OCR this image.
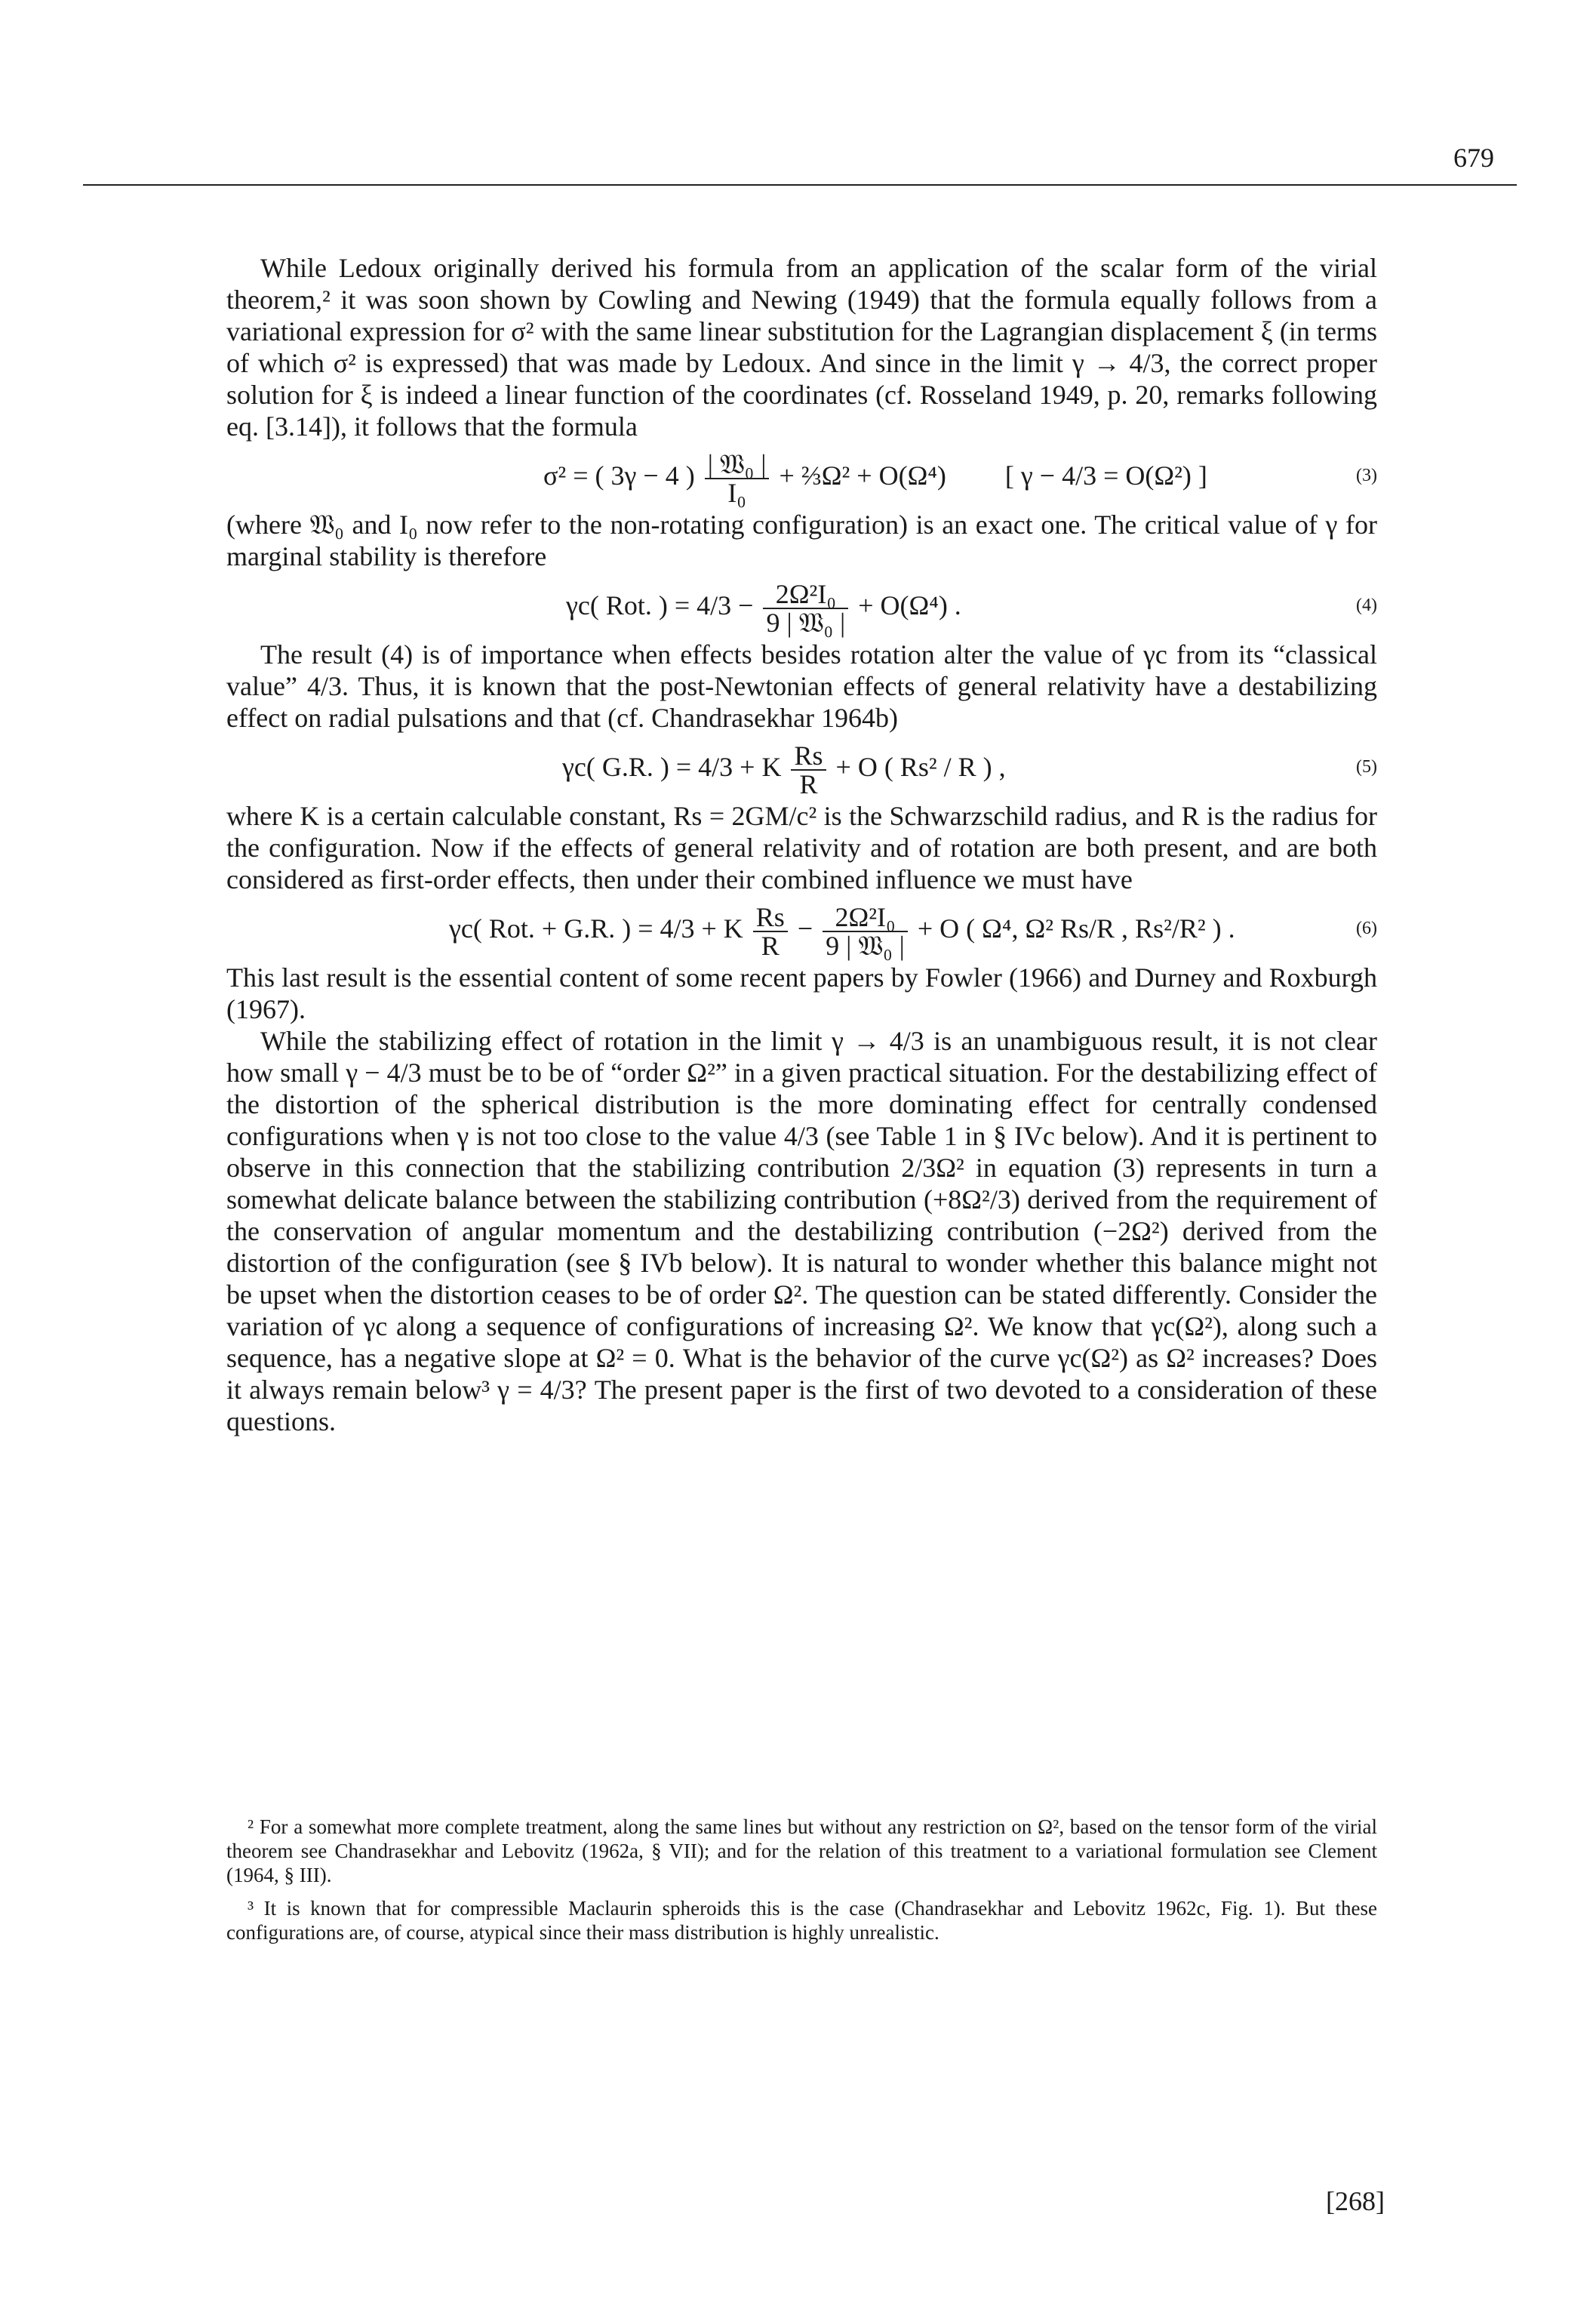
679

While Ledoux originally derived his formula from an application of the scalar form of the virial theorem,² it was soon shown by Cowling and Newing (1949) that the formula equally follows from a variational expression for σ² with the same linear substitution for the Lagrangian displacement ξ (in terms of which σ² is expressed) that was made by Ledoux. And since in the limit γ → 4/3, the correct proper solution for ξ is indeed a linear function of the coordinates (cf. Rosseland 1949, p. 20, remarks following eq. [3.14]), it follows that the formula

σ² = ( 3γ − 4 ) $\frac{\text{| 𝔚₀ |}}{\text{I₀}}$ + ⅔Ω² + O(Ω⁴) [ γ − 4/3 = O(Ω²) ]	(3)

(where 𝔚₀ and I₀ now refer to the non-rotating configuration) is an exact one. The critical value of γ for marginal stability is therefore

γc( Rot. ) = $4/3 - \frac{\text{2Ω²I₀}}{\text{9 | 𝔚₀ |}} + O(\Omega^4)$ .	(4)

The result (4) is of importance when effects besides rotation alter the value of γc from its “classical value” 4/3. Thus, it is known that the post-Newtonian effects of general relativity have a destabilizing effect on radial pulsations and that (cf. Chandrasekhar 1964b)

γc( G.R. ) = 4/3 + K $\frac{Rs}{R} + O$ ( Rs² / R ) ,	(5)

where K is a certain calculable constant, Rs = 2GM/c² is the Schwarzschild radius, and R is the radius for the configuration. Now if the effects of general relativity and of rotation are both present, and are both considered as first-order effects, then under their combined influence we must have

γc( Rot. + G.R. ) = 4/3 + K $\frac{Rs}{R} - \frac{\text{2Ω²I₀}}{\text{9 | 𝔚₀ |}} + O$ ( Ω⁴, Ω² Rs/R , Rs²/R² ) .	(6)

This last result is the essential content of some recent papers by Fowler (1966) and Durney and Roxburgh (1967).

While the stabilizing effect of rotation in the limit γ → 4/3 is an unambiguous result, it is not clear how small γ − 4/3 must be to be of “order Ω²” in a given practical situation. For the destabilizing effect of the distortion of the spherical distribution is the more dominating effect for centrally condensed configurations when γ is not too close to the value 4/3 (see Table 1 in § IVc below). And it is pertinent to observe in this connection that the stabilizing contribution 2/3Ω² in equation (3) represents in turn a somewhat delicate balance between the stabilizing contribution (+8Ω²/3) derived from the requirement of the conservation of angular momentum and the destabilizing contribution (−2Ω²) derived from the distortion of the configuration (see § IVb below). It is natural to wonder whether this balance might not be upset when the distortion ceases to be of order Ω². The question can be stated differently. Consider the variation of γc along a sequence of configurations of increasing Ω². We know that γc(Ω²), along such a sequence, has a negative slope at Ω² = 0. What is the behavior of the curve γc(Ω²) as Ω² increases? Does it always remain below³ γ = 4/3? The present paper is the first of two devoted to a consideration of these questions.

² For a somewhat more complete treatment, along the same lines but without any restriction on Ω², based on the tensor form of the virial theorem see Chandrasekhar and Lebovitz (1962a, § VII); and for the relation of this treatment to a variational formulation see Clement (1964, § III).

³ It is known that for compressible Maclaurin spheroids this is the case (Chandrasekhar and Lebovitz 1962c, Fig. 1). But these configurations are, of course, atypical since their mass distribution is highly unrealistic.

[268]
